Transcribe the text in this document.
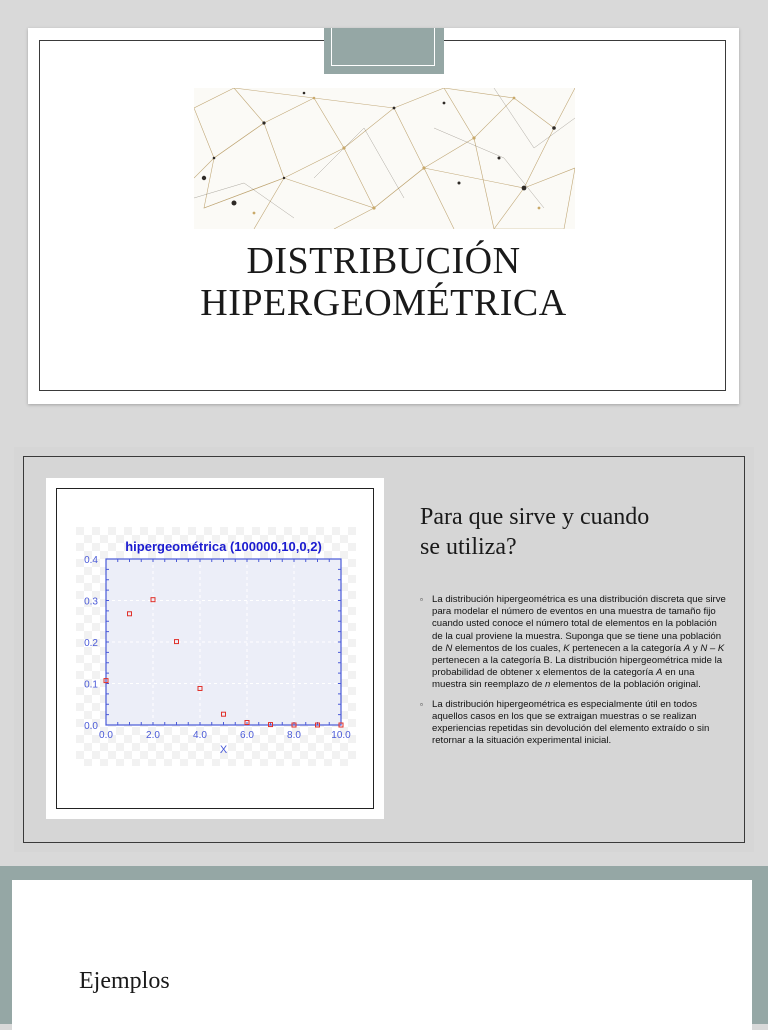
DISTRIBUCIÓN
HIPERGEOMÉTRICA
0.0
0.1
0.2
0.3
0.4
0.0	2.0	4.0	6.0	8.0	10.0
hipergeométrica (100000,10,0,2)
X
Para que sirve y cuando
se utiliza?
▫ La distribución hipergeométrica es una distribución discreta que sirve para modelar el número de eventos en una muestra de tamaño fijo cuando usted conoce el número total de elementos en la población de la cual proviene la muestra. Suponga que se tiene una población de N elementos de los cuales, K pertenecen a la categoría A y N – K pertenecen a la categoría B. La distribución hipergeométrica mide la probabilidad de obtener x elementos de la categoría A en una muestra sin reemplazo de n elementos de la población original.
▫ La distribución hipergeométrica es especialmente útil en todos aquellos casos en los que se extraigan muestras o se realizan experiencias repetidas sin devolución del elemento extraído o sin retornar a la situación experimental inicial.
Ejemplos
